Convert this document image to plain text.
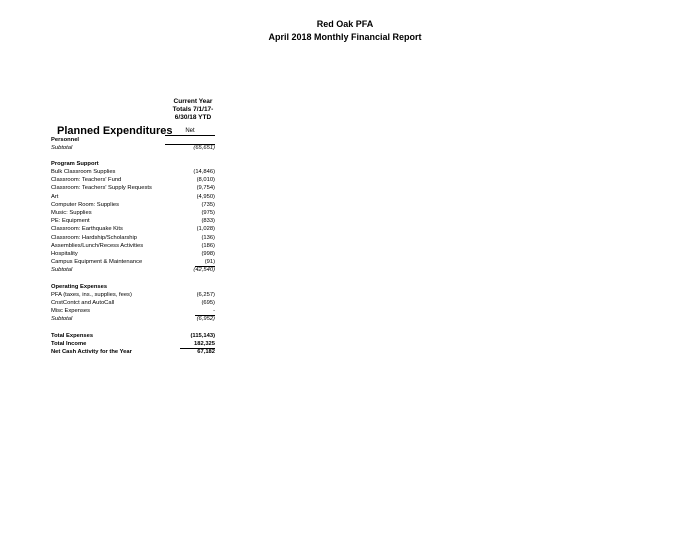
Red Oak PFA
April 2018 Monthly Financial Report
Current Year
Totals 7/1/17-
6/30/18 YTD
Planned Expenditures	Net
Personnel
Subtotal	(65,651)
Program Support
Bulk Classroom Supplies	(14,846)
Classroom: Teachers' Fund	(8,010)
Classroom: Teachers' Supply Requests	(9,754)
Art	(4,950)
Computer Room: Supplies	(735)
Music: Supplies	(975)
PE: Equipment	(833)
Classroom: Earthquake Kits	(1,028)
Classroom: Hardship/Scholarship	(136)
Assemblies/Lunch/Recess Activities	(186)
Hospitality	(998)
Campus Equipment & Maintenance	(91)
Subtotal	(42,540)
Operating Expenses
PFA (taxes, ins., supplies, fees)	(6,257)
CnstContct and AutoCall	(695)
Misc Expenses	-
Subtotal	(6,952)
Total Expenses	(115,143)
Total Income	182,325
Net Cash Activity for the Year	67,182
